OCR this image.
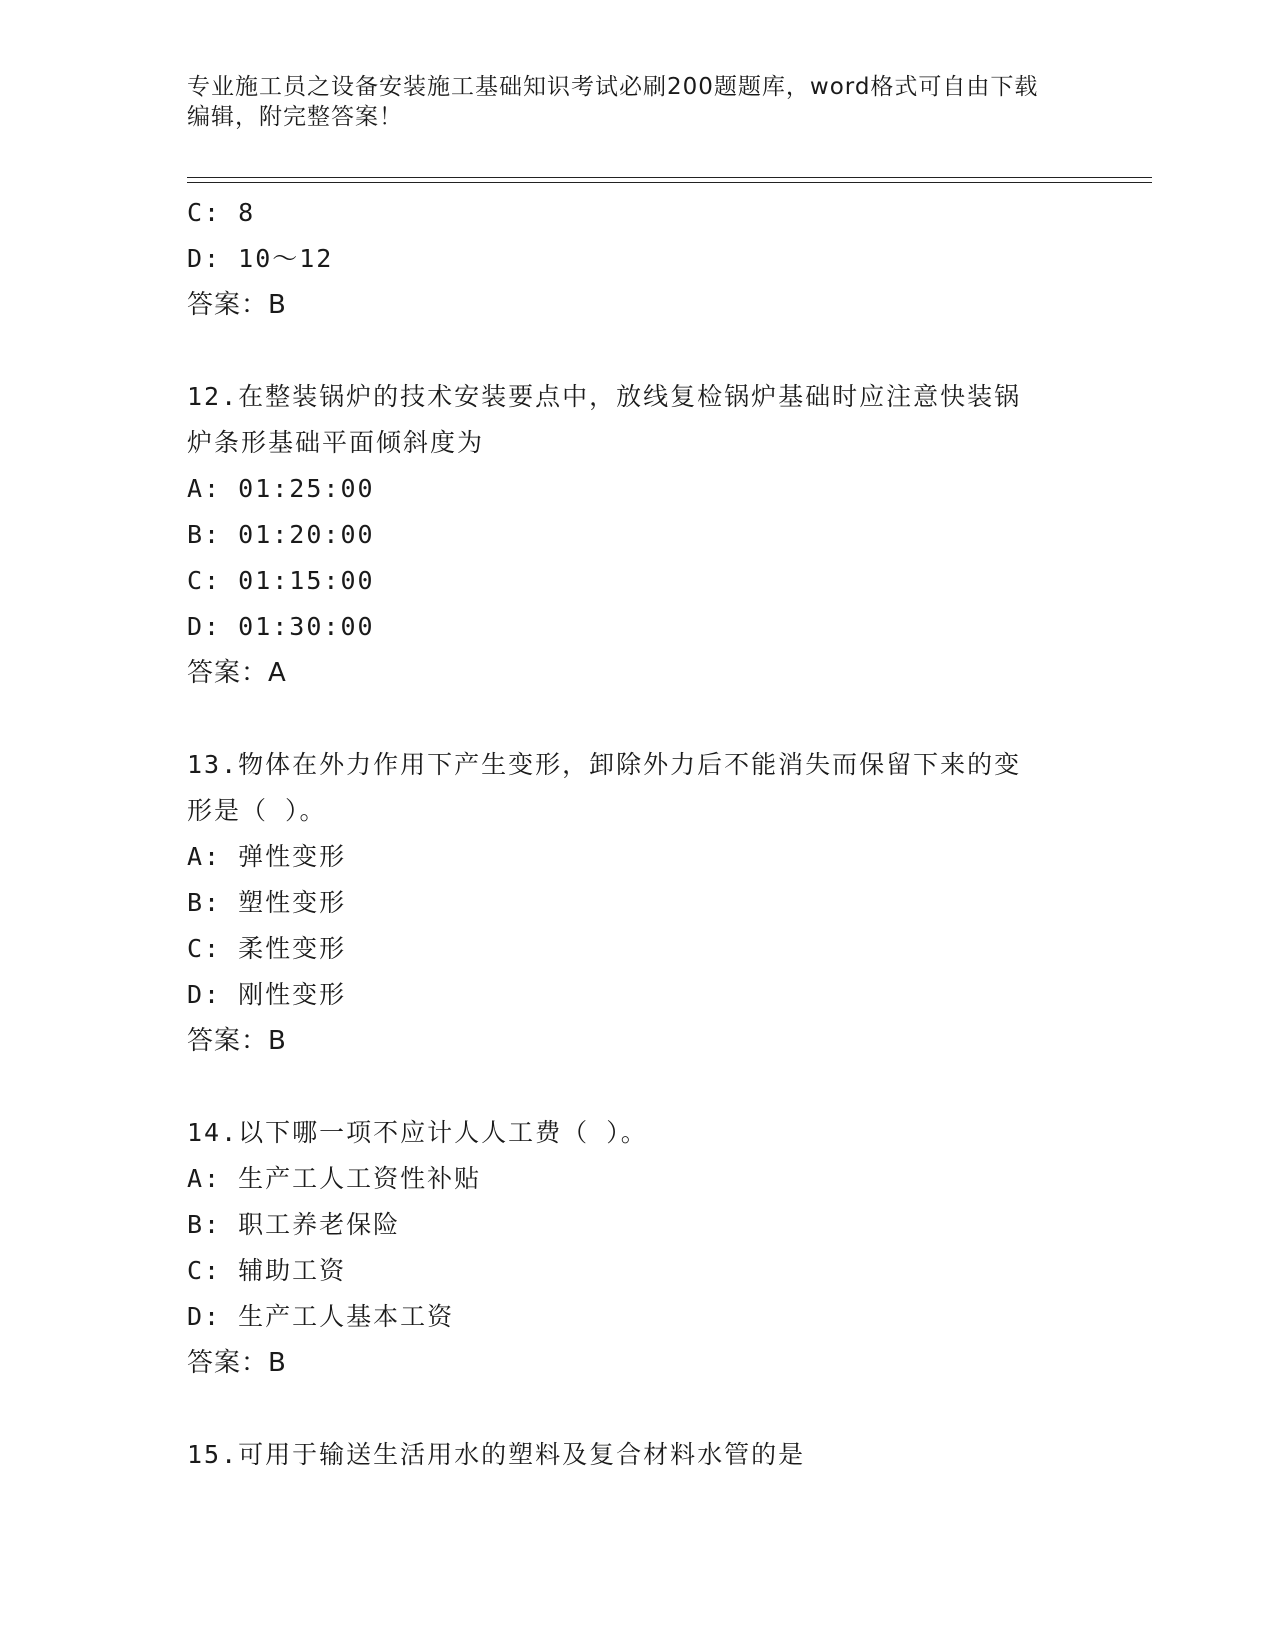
专业施工员之设备安装施工基础知识考试必刷200题题库，word格式可自由下载
编辑，附完整答案！
C: 8
D: 10～12
答案：B
12.在整装锅炉的技术安装要点中，放线复检锅炉基础时应注意快装锅
炉条形基础平面倾斜度为
A: 01:25:00
B: 01:20:00
C: 01:15:00
D: 01:30:00
答案：A
13.物体在外力作用下产生变形，卸除外力后不能消失而保留下来的变
形是（ ）。
A: 弹性变形
B: 塑性变形
C: 柔性变形
D: 刚性变形
答案：B
14.以下哪一项不应计人人工费（ ）。
A: 生产工人工资性补贴
B: 职工养老保险
C: 辅助工资
D: 生产工人基本工资
答案：B
15.可用于输送生活用水的塑料及复合材料水管的是
